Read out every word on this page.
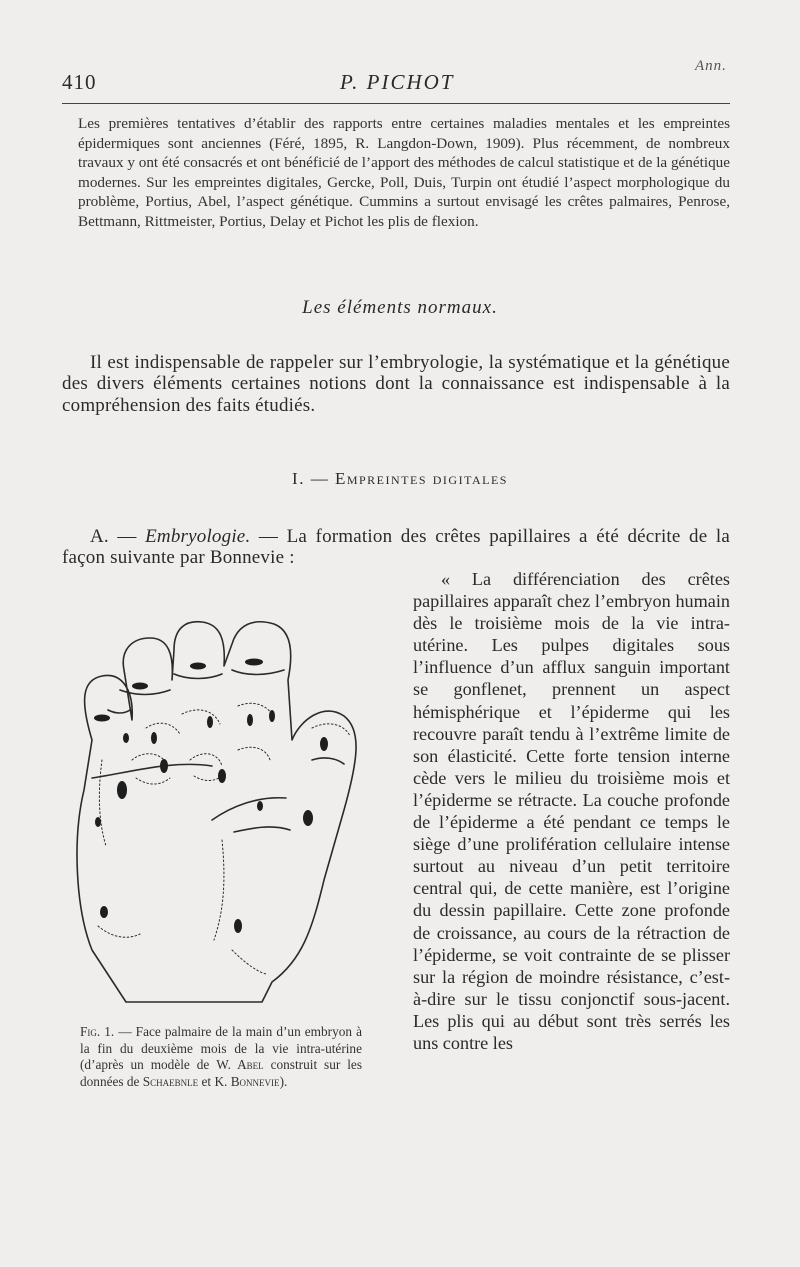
Ann.
410	P. PICHOT
Les premières tentatives d’établir des rapports entre certaines maladies mentales et les empreintes épidermiques sont anciennes (Féré, 1895, R. Langdon-Down, 1909). Plus récemment, de nombreux travaux y ont été consacrés et ont bénéficié de l’apport des méthodes de calcul statistique et de la génétique modernes. Sur les empreintes digitales, Gercke, Poll, Duis, Turpin ont étudié l’aspect morphologique du problème, Portius, Abel, l’aspect génétique. Cummins a surtout envisagé les crêtes palmaires, Penrose, Bettmann, Rittmeister, Portius, Delay et Pichot les plis de flexion.
Les éléments normaux.
Il est indispensable de rappeler sur l’embryologie, la systématique et la génétique des divers éléments certaines notions dont la connaissance est indispensable à la compréhension des faits étudiés.
I. — Empreintes digitales
A. — Embryologie. — La formation des crêtes papillaires a été décrite de la façon suivante par Bonnevie :
« La différenciation des crêtes papillaires apparaît chez l’embryon humain dès le troisième mois de la vie intra-utérine. Les pulpes digitales sous l’influence d’un afflux sanguin important se gonflenet, prennent un aspect hémisphérique et l’épiderme qui les recouvre paraît tendu à l’extrême limite de son élasticité. Cette forte tension interne cède vers le milieu du troisième mois et l’épiderme se rétracte. La couche profonde de l’épiderme a été pendant ce temps le siège d’une prolifération cellulaire intense surtout au niveau d’un petit territoire central qui, de cette manière, est l’origine du dessin papillaire. Cette zone profonde de croissance, au cours de la rétraction de l’épiderme, se voit contrainte de se plisser sur la région de moindre résistance, c’est-à-dire sur le tissu conjonctif sous-jacent. Les plis qui au début sont très serrés les uns contre les
Fig. 1. — Face palmaire de la main d’un embryon à la fin du deuxième mois de la vie intra-utérine (d’après un modèle de W. Abel construit sur les données de Schaebnle et K. Bonnevie).
